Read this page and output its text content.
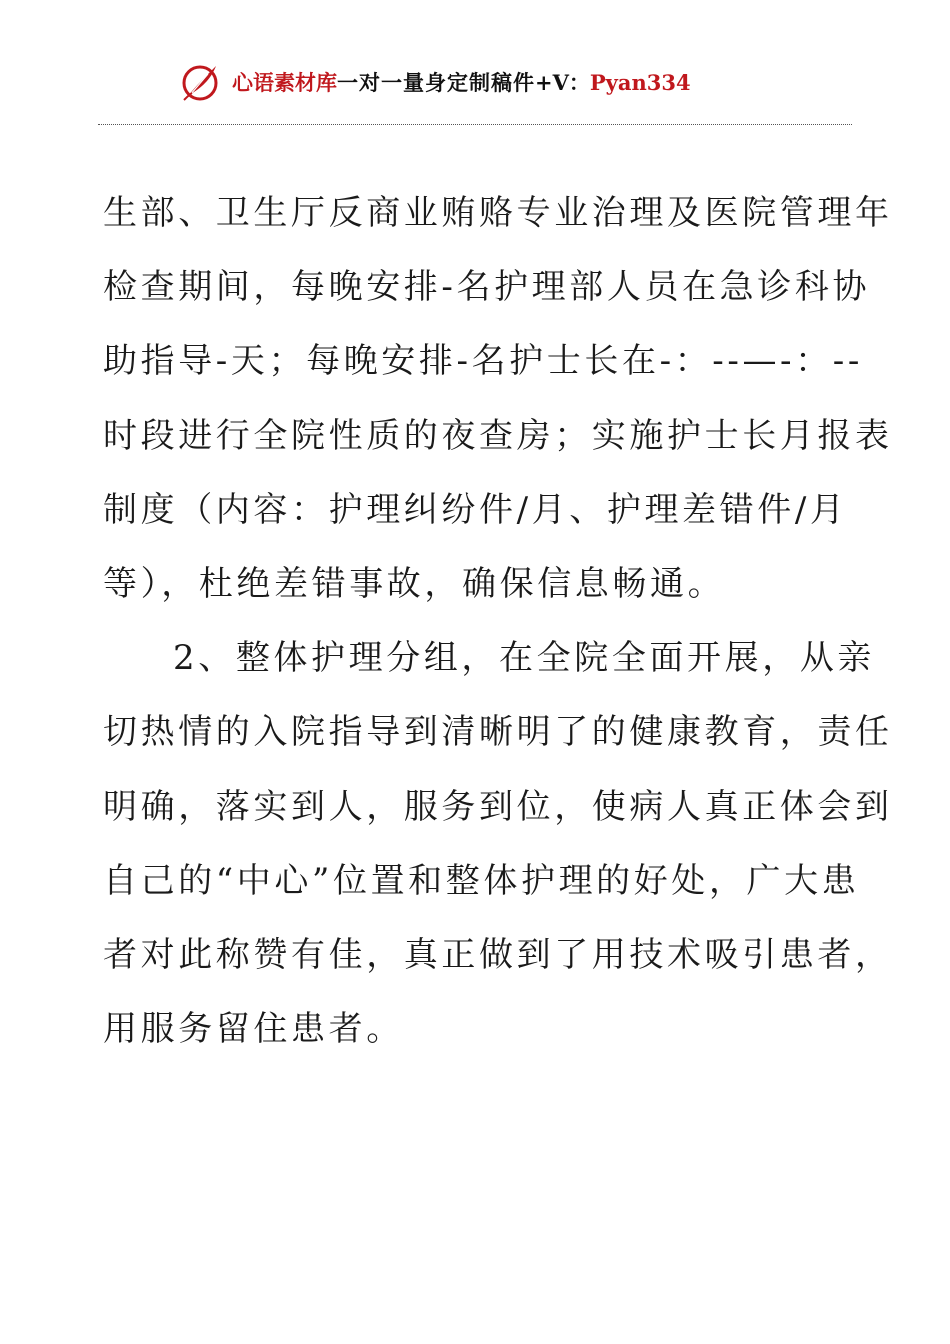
心语素材库一对一量身定制稿件+V：Pyan334
生部、卫生厅反商业贿赂专业治理及医院管理年
检查期间，每晚安排-名护理部人员在急诊科协
助指导-天；每晚安排-名护士长在-：--—-：--
时段进行全院性质的夜查房；实施护士长月报表
制度（内容：护理纠纷件/月、护理差错件/月
等），杜绝差错事故，确保信息畅通。
2、整体护理分组，在全院全面开展，从亲
切热情的入院指导到清晰明了的健康教育，责任
明确，落实到人，服务到位，使病人真正体会到
自己的“中心”位置和整体护理的好处，广大患
者对此称赞有佳，真正做到了用技术吸引患者，
用服务留住患者。
